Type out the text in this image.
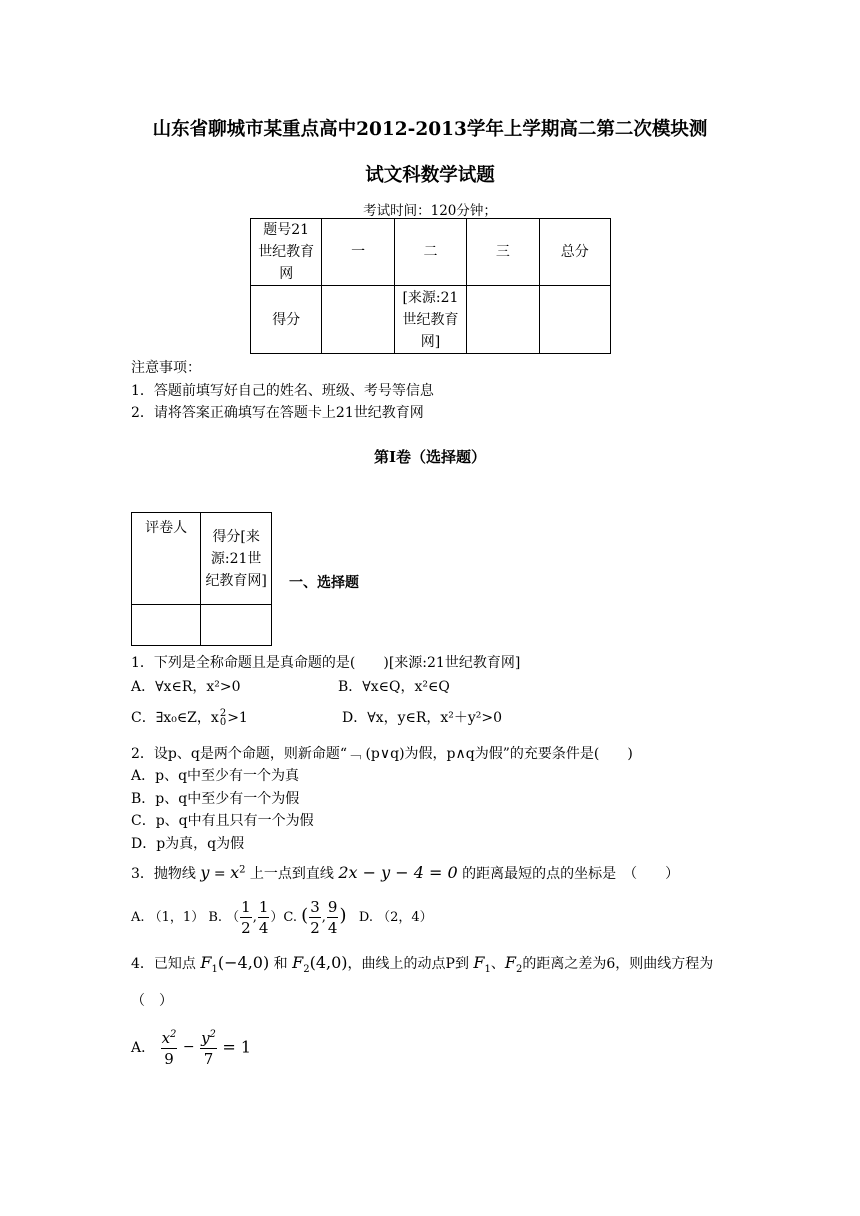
山东省聊城市某重点高中2012-2013学年上学期高二第二次模块测
试文科数学试题
考试时间：120分钟；
题号21世纪教育网	一	二	三	总分
得分		[来源:21世纪教育网]		

注意事项：
1．答题前填写好自己的姓名、班级、考号等信息
2．请将答案正确填写在答题卡上21世纪教育网
第I卷（选择题）
评卷人	得分[来源:21世纪教育网]

	一、选择题
1．下列是全称命题且是真命题的是(　　)[来源:21世纪教育网]
A．∀x∈R，x²>0	B．∀x∈Q，x²∈Q
C．∃x₀∈Z，x2
0>1	D．∀x，y∈R，x²＋y²>0
2．设p、q是两个命题，则新命题“﹁ (p∨q)为假，p∧q为假”的充要条件是(　　)
A．p、q中至少有一个为真
B．p、q中至少有一个为假
C．p、q中有且只有一个为假
D．p为真，q为假
3．抛物线 $y = x^2$ 上一点到直线 2x − y − 4 = 0 的距离最短的点的坐标是　（　　）
A. （1，1） B. （ $\frac{1}{2}$ , $\frac{1}{4} )C$. ( $\frac{3}{2}$ , $\frac{9}{4}$ ) D. （2，4）
4．已知点 $F_1(-4,0)$ 和 $F_2(4,0)$，曲线上的动点P到 $F_1$、$F_2$的距离之差为6，则曲线方程为
（　）
A． $\frac{x^2}{9} - \frac{y^2}{7} = 1$
